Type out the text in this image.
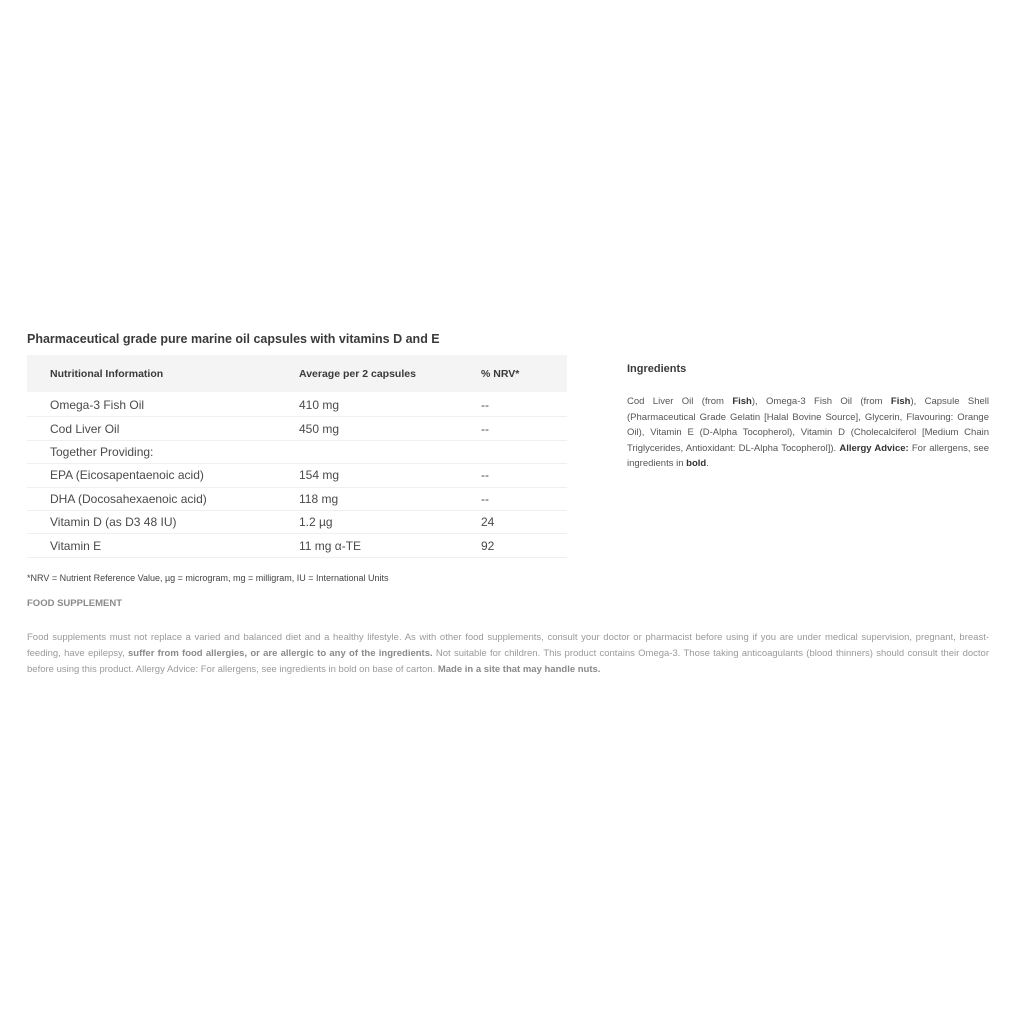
Pharmaceutical grade pure marine oil capsules with vitamins D and E
Nutritional Information	Average per 2 capsules	% NRV*
Omega-3 Fish Oil	410 mg	--
Cod Liver Oil	450 mg	--
Together Providing:		
EPA (Eicosapentaenoic acid)	154 mg	--
DHA (Docosahexaenoic acid)	118 mg	--
Vitamin D (as D3 48 IU)	1.2 µg	24
Vitamin E	11 mg α-TE	92

*NRV = Nutrient Reference Value, µg = microgram, mg = milligram, IU = International Units

FOOD SUPPLEMENT

Food supplements must not replace a varied and balanced diet and a healthy lifestyle. As with other food supplements, consult your doctor or pharmacist before using if you are under medical supervision, pregnant, breast-feeding, have epilepsy, suffer from food allergies, or are allergic to any of the ingredients. Not suitable for children. This product contains Omega-3. Those taking anticoagulants (blood thinners) should consult their doctor before using this product. Allergy Advice: For allergens, see ingredients in bold on base of carton. Made in a site that may handle nuts.

Ingredients

Cod Liver Oil (from Fish), Omega-3 Fish Oil (from Fish), Capsule Shell (Pharmaceutical Grade Gelatin [Halal Bovine Source], Glycerin, Flavouring: Orange Oil), Vitamin E (D-Alpha Tocopherol), Vitamin D (Cholecalciferol [Medium Chain Triglycerides, Antioxidant: DL-Alpha Tocopherol]). Allergy Advice: For allergens, see ingredients in bold.
